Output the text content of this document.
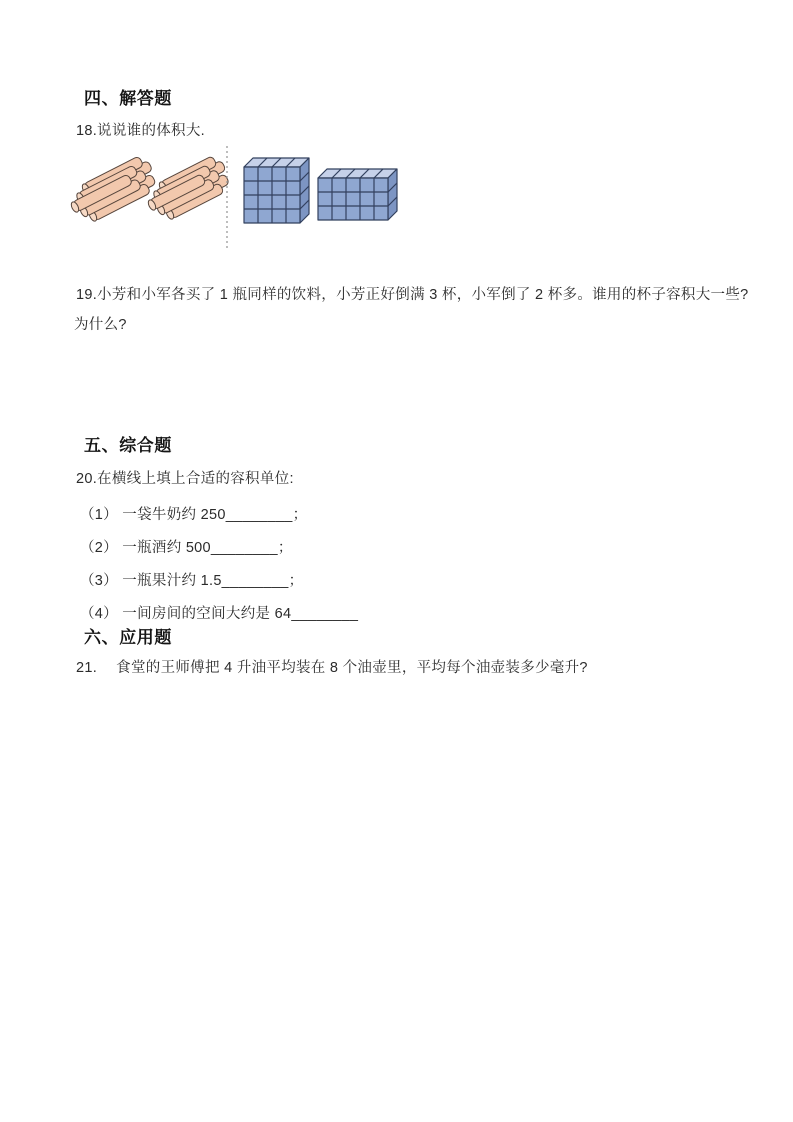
四、解答题
18.说说谁的体积大.
19.小芳和小军各买了 1 瓶同样的饮料，小芳正好倒满 3 杯，小军倒了 2 杯多。谁用的杯子容积大一些?
为什么?
五、综合题
20.在横线上填上合适的容积单位:
（1） 一袋牛奶约 250________；
（2） 一瓶酒约 500________；
（3） 一瓶果汁约 1.5________；
（4） 一间房间的空间大约是 64________
六、应用题
21.　 食堂的王师傅把 4 升油平均装在 8 个油壶里，平均每个油壶装多少毫升?
